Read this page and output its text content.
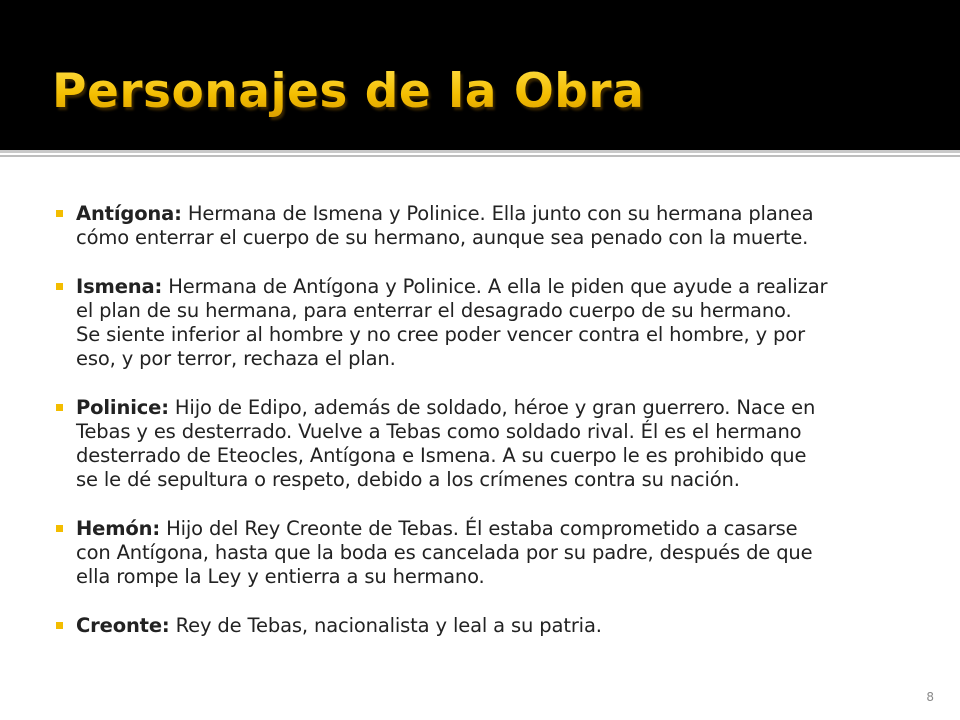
Personajes de la Obra
Antígona: Hermana de Ismena y Polinice. Ella junto con su hermana planea
cómo enterrar el cuerpo de su hermano, aunque sea penado con la muerte.
Ismena: Hermana de Antígona y Polinice. A ella le piden que ayude a realizar
el plan de su hermana, para enterrar el desagrado cuerpo de su hermano.
Se siente inferior al hombre y no cree poder vencer contra el hombre, y por
eso, y por terror, rechaza el plan.
Polinice: Hijo de Edipo, además de soldado, héroe y gran guerrero. Nace en
Tebas y es desterrado. Vuelve a Tebas como soldado rival. Él es el hermano
desterrado de Eteocles, Antígona e Ismena. A su cuerpo le es prohibido que
se le dé sepultura o respeto, debido a los crímenes contra su nación.
Hemón: Hijo del Rey Creonte de Tebas. Él estaba comprometido a casarse
con Antígona, hasta que la boda es cancelada por su padre, después de que
ella rompe la Ley y entierra a su hermano.
Creonte: Rey de Tebas, nacionalista y leal a su patria.
8
